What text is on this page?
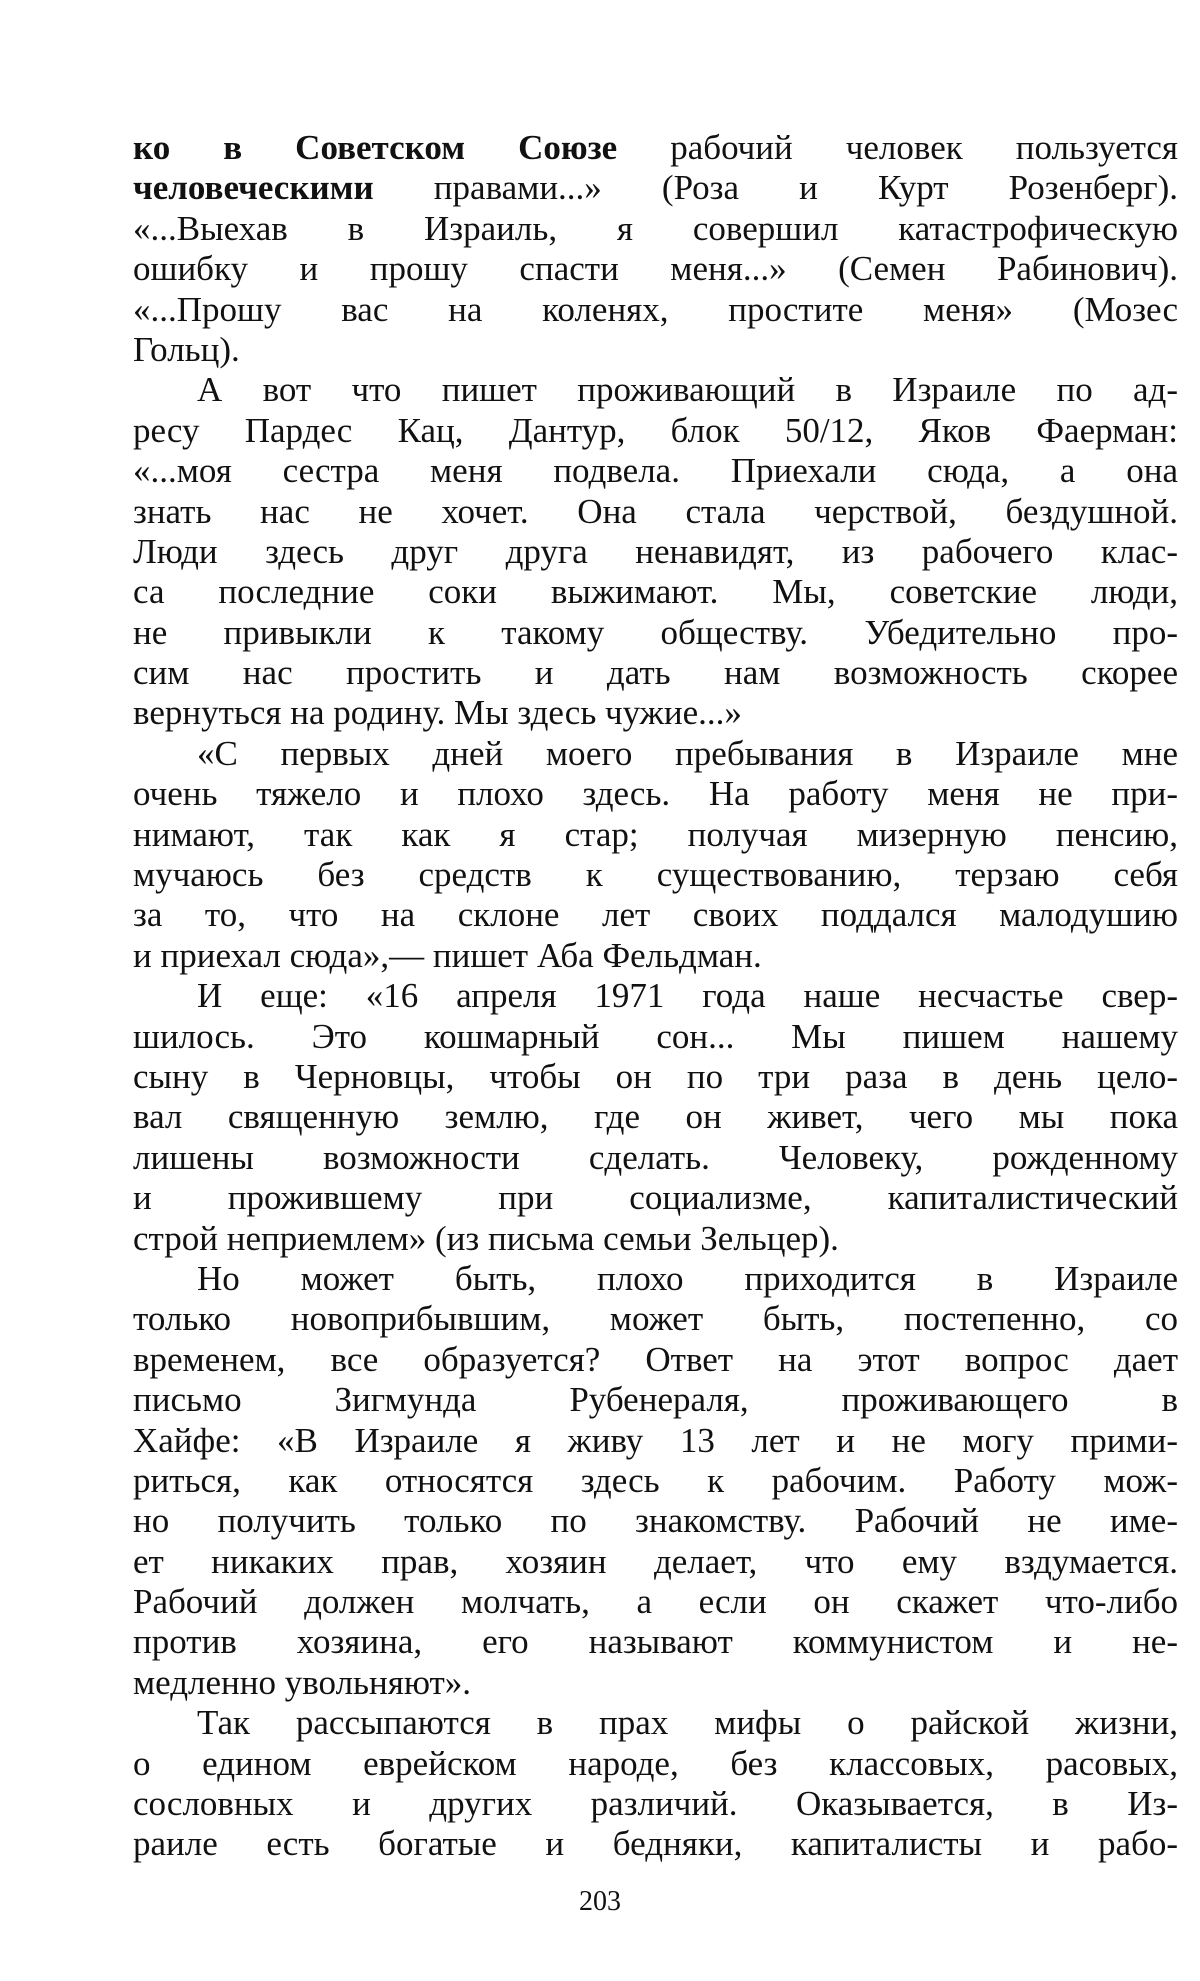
ко в Советском Союзе рабочий человек пользуется
человеческими правами...» (Роза и Курт Розенберг).
«...Выехав в Израиль, я совершил катастрофическую
ошибку и прошу спасти меня...» (Семен Рабинович).
«...Прошу вас на коленях, простите меня» (Мозес
Гольц).
А вот что пишет проживающий в Израиле по ад-
ресу Пардес Кац, Дантур, блок 50/12, Яков Фаерман:
«...моя сестра меня подвела. Приехали сюда, а она
знать нас не хочет. Она стала черствой, бездушной.
Люди здесь друг друга ненавидят, из рабочего клас-
са последние соки выжимают. Мы, советские люди,
не привыкли к такому обществу. Убедительно про-
сим нас простить и дать нам возможность скорее
вернуться на родину. Мы здесь чужие...»
«С первых дней моего пребывания в Израиле мне
очень тяжело и плохо здесь. На работу меня не при-
нимают, так как я стар; получая мизерную пенсию,
мучаюсь без средств к существованию, терзаю себя
за то, что на склоне лет своих поддался малодушию
и приехал сюда»,— пишет Аба Фельдман.
И еще: «16 апреля 1971 года наше несчастье свер-
шилось. Это кошмарный сон... Мы пишем нашему
сыну в Черновцы, чтобы он по три раза в день цело-
вал священную землю, где он живет, чего мы пока
лишены возможности сделать. Человеку, рожденному
и прожившему при социализме, капиталистический
строй неприемлем» (из письма семьи Зельцер).
Но может быть, плохо приходится в Израиле
только новоприбывшим, может быть, постепенно, со
временем, все образуется? Ответ на этот вопрос дает
письмо Зигмунда Рубенераля, проживающего в
Хайфе: «В Израиле я живу 13 лет и не могу прими-
риться, как относятся здесь к рабочим. Работу мож-
но получить только по знакомству. Рабочий не име-
ет никаких прав, хозяин делает, что ему вздумается.
Рабочий должен молчать, а если он скажет что-либо
против хозяина, его называют коммунистом и не-
медленно увольняют».
Так рассыпаются в прах мифы о райской жизни,
о едином еврейском народе, без классовых, расовых,
сословных и других различий. Оказывается, в Из-
раиле есть богатые и бедняки, капиталисты и рабо-
203
